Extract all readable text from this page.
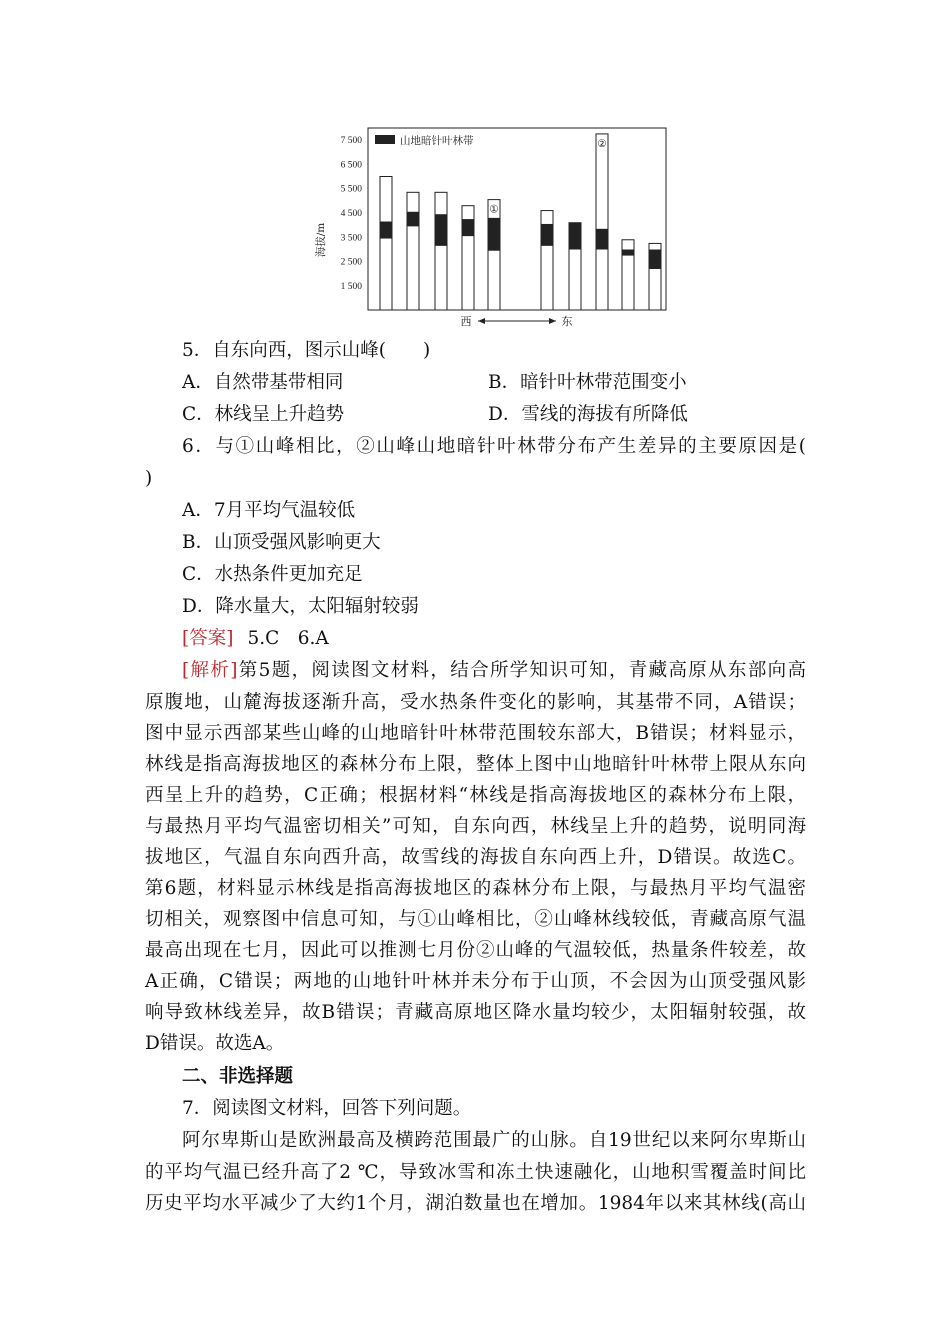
7 500
6 500
5 500
4 500
3 500
2 500
1 500
海拔/m
山地暗针叶林带
①
②
西	东
5．自东向西，图示山峰(　　)
A．自然带基带相同	B．暗针叶林带范围变小
C．林线呈上升趋势	D．雪线的海拔有所降低
6．与①山峰相比，②山峰山地暗针叶林带分布产生差异的主要原因是(
)
A．7月平均气温较低
B．山顶受强风影响更大
C．水热条件更加充足
D．降水量大，太阳辐射较弱
[答案] 5.C　6.A
[解析]第5题，阅读图文材料，结合所学知识可知，青藏高原从东部向高
原腹地，山麓海拔逐渐升高，受水热条件变化的影响，其基带不同，A错误；
图中显示西部某些山峰的山地暗针叶林带范围较东部大，B错误；材料显示，
林线是指高海拔地区的森林分布上限，整体上图中山地暗针叶林带上限从东向
西呈上升的趋势，C正确；根据材料“林线是指高海拔地区的森林分布上限，
与最热月平均气温密切相关”可知，自东向西，林线呈上升的趋势，说明同海
拔地区，气温自东向西升高，故雪线的海拔自东向西上升，D错误。故选C。
第6题，材料显示林线是指高海拔地区的森林分布上限，与最热月平均气温密
切相关，观察图中信息可知，与①山峰相比，②山峰林线较低，青藏高原气温
最高出现在七月，因此可以推测七月份②山峰的气温较低，热量条件较差，故
A正确，C错误；两地的山地针叶林并未分布于山顶，不会因为山顶受强风影
响导致林线差异，故B错误；青藏高原地区降水量均较少，太阳辐射较强，故
D错误。故选A。
二、非选择题
7．阅读图文材料，回答下列问题。
阿尔卑斯山是欧洲最高及横跨范围最广的山脉。自19世纪以来阿尔卑斯山
的平均气温已经升高了2 ℃，导致冰雪和冻土快速融化，山地积雪覆盖时间比
历史平均水平减少了大约1个月，湖泊数量也在增加。1984年以来其林线(高山
